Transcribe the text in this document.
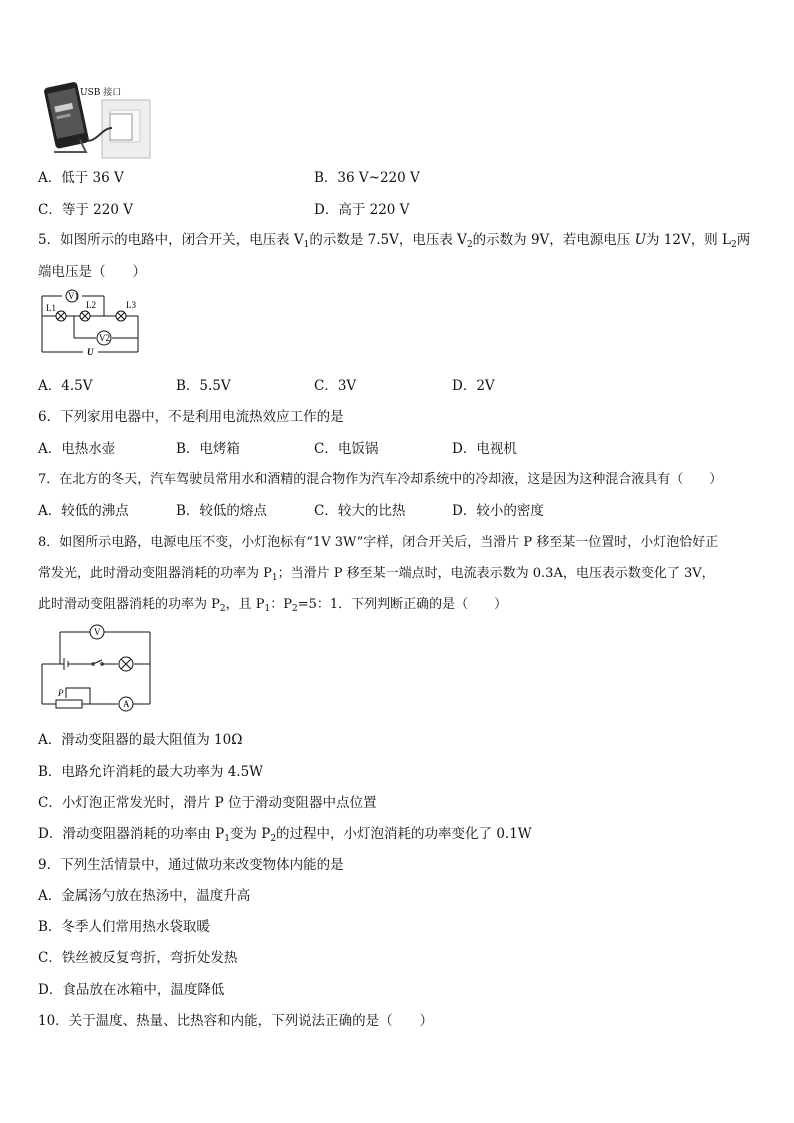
USB 接口
A．低于 36 V	B．36 V~220 V
C．等于 220 V	D．高于 220 V
5．如图所示的电路中，闭合开关，电压表 $V_1$的示数是 7.5V，电压表 $V_2$的示数为 9V，若电源电压 U为 12V，则 $L_2$两
端电压是（　　）
V1
V2
L1	L2	L3
U
A．4.5V	B．5.5V	C．3V	D．2V
6．下列家用电器中，不是利用电流热效应工作的是
A．电热水壶	B．电烤箱	C．电饭锅	D．电视机
7．在北方的冬天，汽车驾驶员常用水和酒精的混合物作为汽车冷却系统中的冷却液，这是因为这种混合液具有（　　）
A．较低的沸点	B．较低的熔点	C．较大的比热	D．较小的密度
8．如图所示电路，电源电压不变，小灯泡标有“1V 3W”字样，闭合开关后，当滑片 P 移至某一位置时，小灯泡恰好正
常发光，此时滑动变阻器消耗的功率为 $P_1$；当滑片 P 移至某一端点时，电流表示数为 0.3A，电压表示数变化了 3V，
此时滑动变阻器消耗的功率为 $P_2$，且 $P_1$：$P_2=5$：1．下列判断正确的是（　　）
V
A
P
A．滑动变阻器的最大阻值为 10Ω
B．电路允许消耗的最大功率为 4.5W
C．小灯泡正常发光时，滑片 P 位于滑动变阻器中点位置
D．滑动变阻器消耗的功率由 $P_1$变为 $P_2$的过程中，小灯泡消耗的功率变化了 0.1W
9．下列生活情景中，通过做功来改变物体内能的是
A．金属汤勺放在热汤中，温度升高
B．冬季人们常用热水袋取暖
C．铁丝被反复弯折，弯折处发热
D．食品放在冰箱中，温度降低
10．关于温度、热量、比热容和内能，下列说法正确的是（　　）
